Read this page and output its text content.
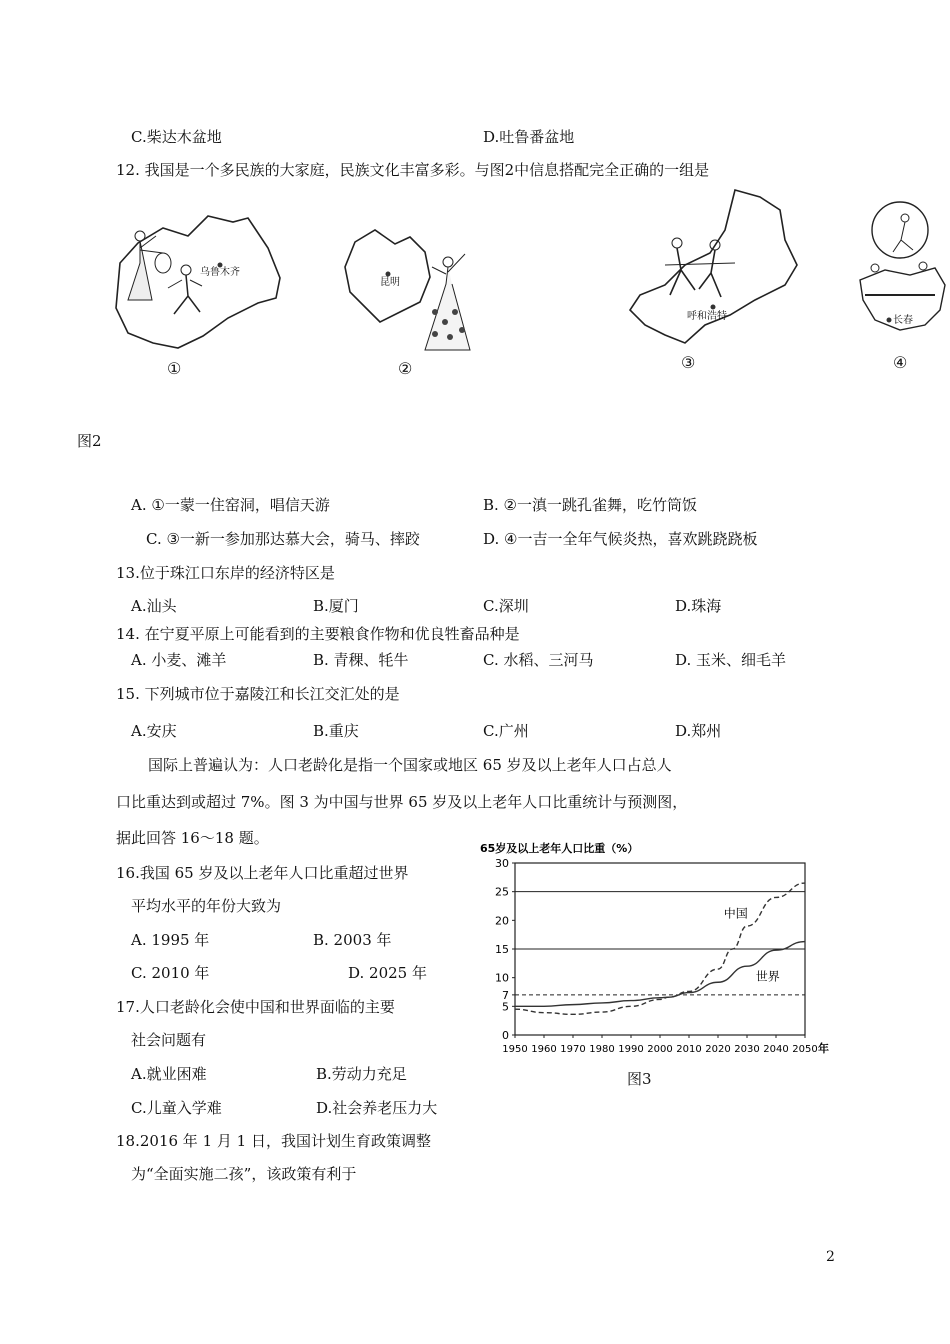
C.柴达木盆地	D.吐鲁番盆地
12. 我国是一个多民族的大家庭，民族文化丰富多彩。与图2中信息搭配完全正确的一组是
乌鲁木齐
①
昆明
②
呼和浩特
③
长春
④
图2
A. ①一蒙一住窑洞，唱信天游	B. ②一滇一跳孔雀舞，吃竹筒饭
C. ③一新一参加那达慕大会，骑马、摔跤	D. ④一吉一全年气候炎热，喜欢跳跷跷板
13.位于珠江口东岸的经济特区是
A.汕头	B.厦门	C.深圳	D.珠海
14. 在宁夏平原上可能看到的主要粮食作物和优良牲畜品种是
A. 小麦、滩羊	B. 青稞、牦牛	C. 水稻、三河马	D. 玉米、细毛羊
15. 下列城市位于嘉陵江和长江交汇处的是
A.安庆	B.重庆	C.广州	D.郑州
国际上普遍认为：人口老龄化是指一个国家或地区 65 岁及以上老年人口占总人
口比重达到或超过 7%。图 3 为中国与世界 65 岁及以上老年人口比重统计与预测图，
据此回答 16～18 题。
16.我国 65 岁及以上老年人口比重超过世界
平均水平的年份大致为
A. 1995 年	B. 2003 年
C. 2010 年	D. 2025 年
17.人口老龄化会使中国和世界面临的主要
社会问题有
A.就业困难	B.劳动力充足
C.儿童入学难	D.社会养老压力大
18.2016 年 1 月 1 日，我国计划生育政策调整
为“全面实施二孩”，该政策有利于
65岁及以上老年人口比重（%）
年
0
5
7
10
15
20
25
30
1950 1960 1970 1980 1990 2000 2010 2020 2030 2040 2050
中国
世界
图3
2
